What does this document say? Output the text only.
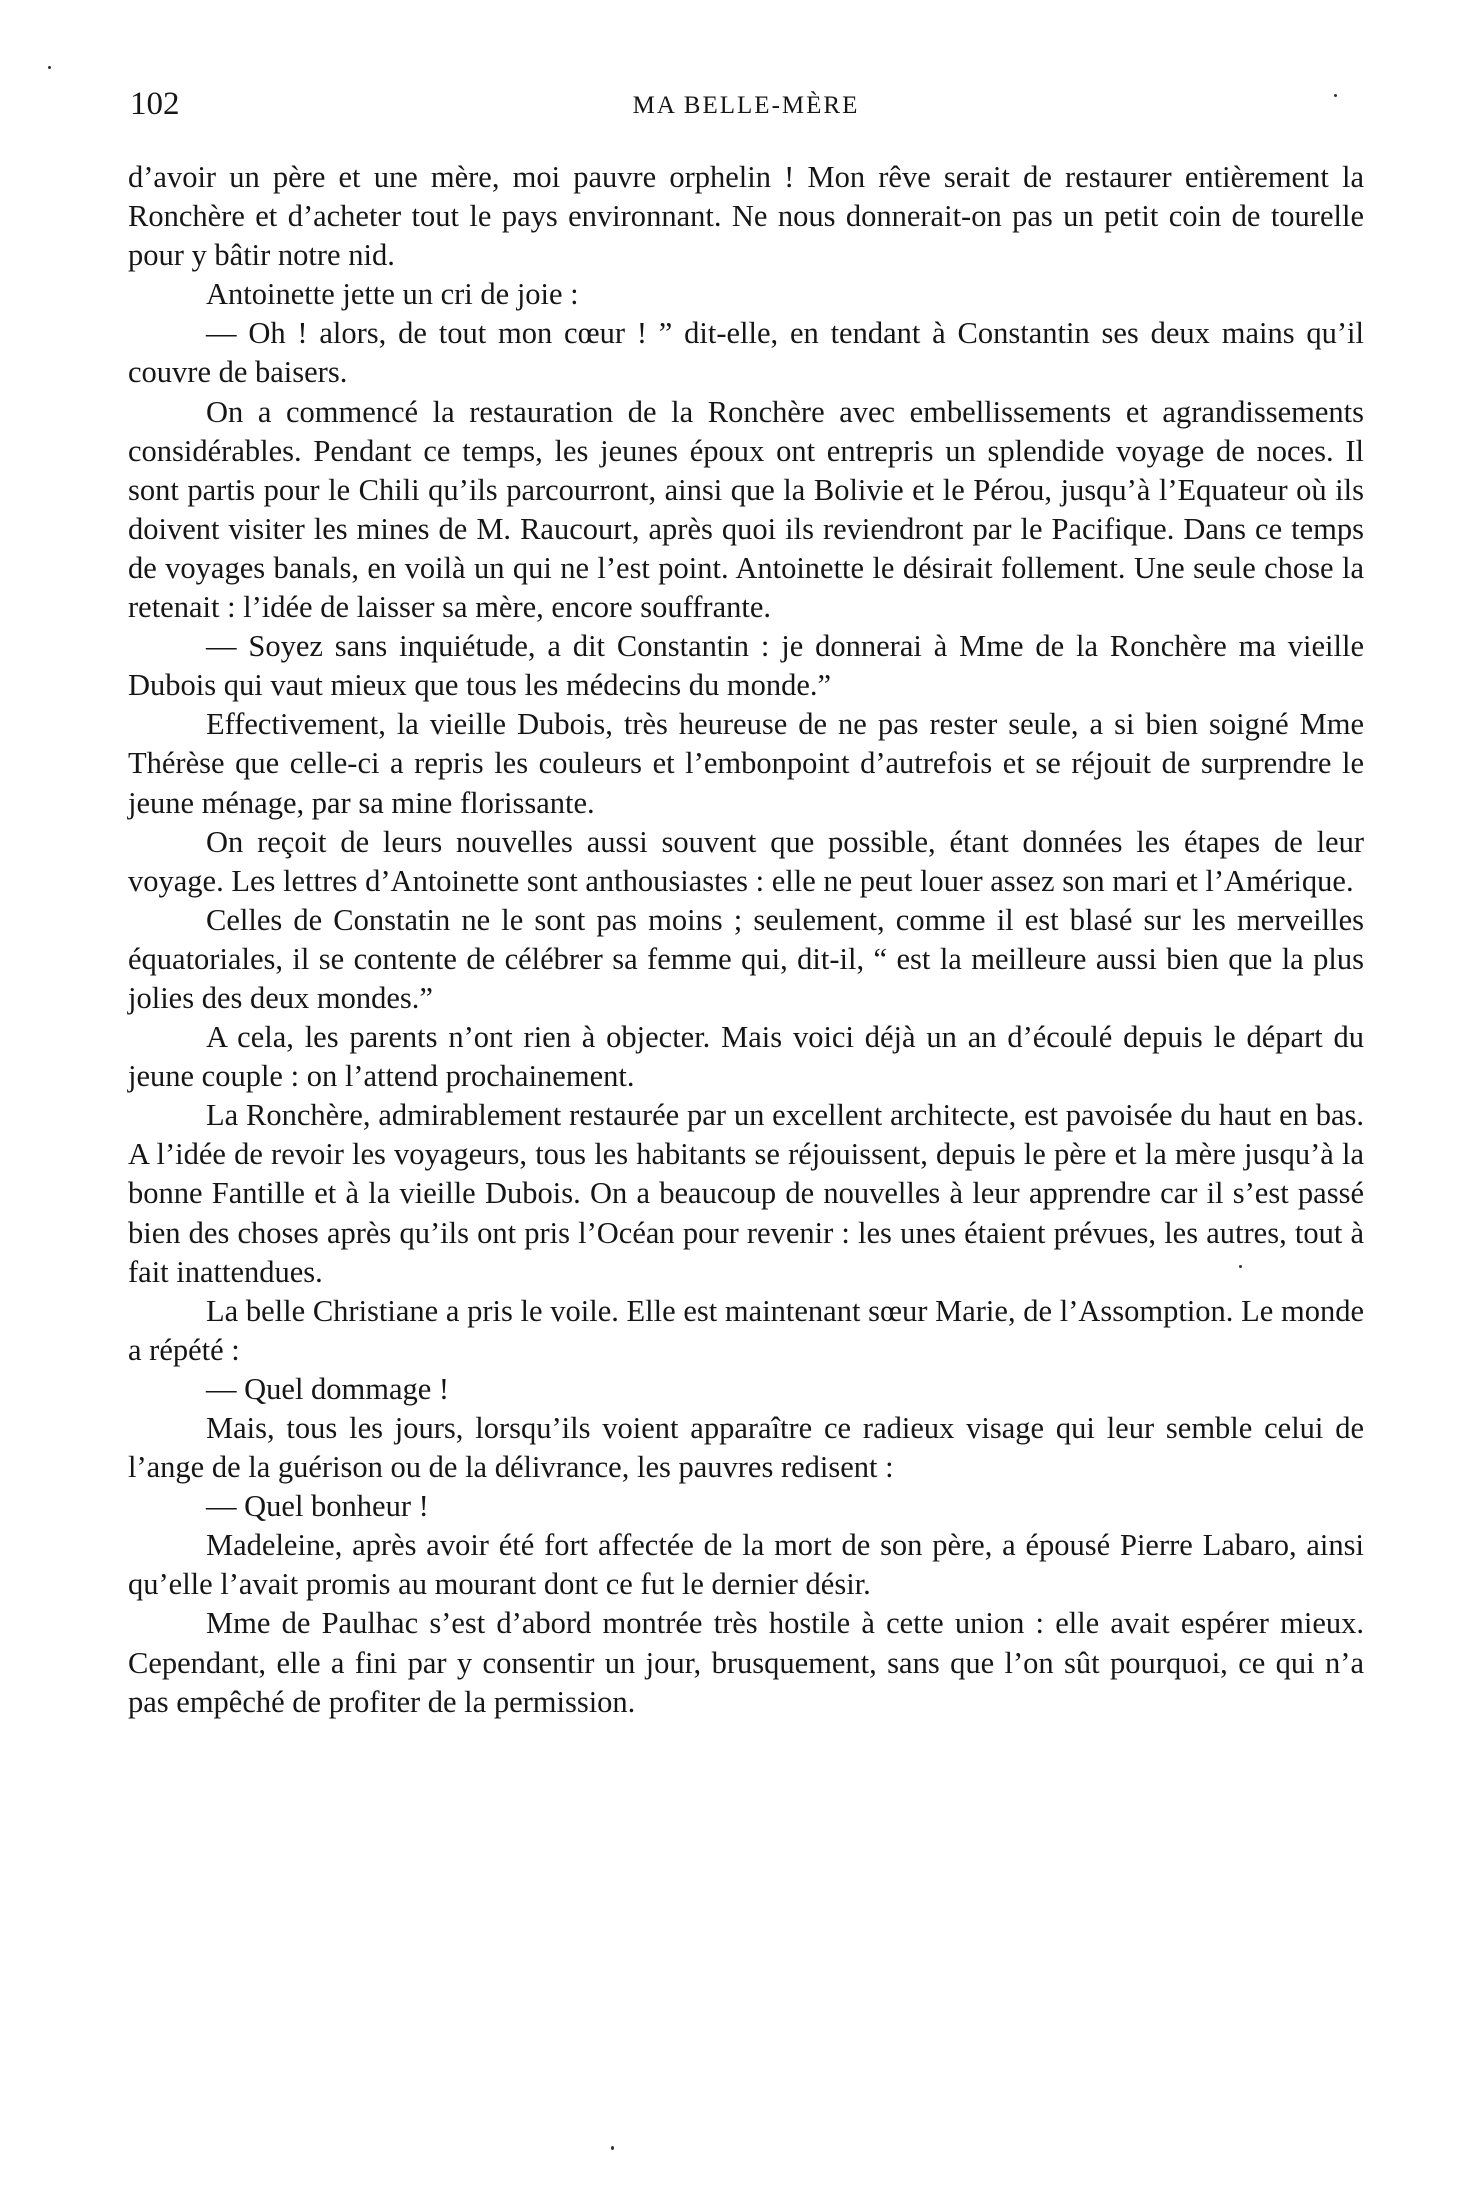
102	MA BELLE-MÈRE

d’avoir un père et une mère, moi pauvre orphelin ! Mon rêve serait de restaurer entièrement la Ronchère et d’acheter tout le pays environnant. Ne nous donnerait-on pas un petit coin de tourelle pour y bâtir notre nid.

Antoinette jette un cri de joie :

— Oh ! alors, de tout mon cœur ! ” dit-elle, en tendant à Constantin ses deux mains qu’il couvre de baisers.

On a commencé la restauration de la Ronchère avec embellissements et agrandissements considérables. Pendant ce temps, les jeunes époux ont entrepris un splendide voyage de noces. Il sont partis pour le Chili qu’ils parcourront, ainsi que la Bolivie et le Pérou, jusqu’à l’Equateur où ils doivent visiter les mines de M. Raucourt, après quoi ils reviendront par le Pacifique. Dans ce temps de voyages banals, en voilà un qui ne l’est point. Antoinette le désirait follement. Une seule chose la retenait : l’idée de laisser sa mère, encore souffrante.

— Soyez sans inquiétude, a dit Constantin : je donnerai à Mme de la Ronchère ma vieille Dubois qui vaut mieux que tous les médecins du monde.”

Effectivement, la vieille Dubois, très heureuse de ne pas rester seule, a si bien soigné Mme Thérèse que celle-ci a repris les couleurs et l’embonpoint d’autrefois et se réjouit de surprendre le jeune ménage, par sa mine florissante.

On reçoit de leurs nouvelles aussi souvent que possible, étant données les étapes de leur voyage. Les lettres d’Antoinette sont anthousiastes : elle ne peut louer assez son mari et l’Amérique.

Celles de Constatin ne le sont pas moins ; seulement, comme il est blasé sur les merveilles équatoriales, il se contente de célébrer sa femme qui, dit-il, “ est la meilleure aussi bien que la plus jolies des deux mondes.”

A cela, les parents n’ont rien à objecter. Mais voici déjà un an d’écoulé depuis le départ du jeune couple : on l’attend prochainement.

La Ronchère, admirablement restaurée par un excellent architecte, est pavoisée du haut en bas. A l’idée de revoir les voyageurs, tous les habitants se réjouissent, depuis le père et la mère jusqu’à la bonne Fantille et à la vieille Dubois. On a beaucoup de nouvelles à leur apprendre car il s’est passé bien des choses après qu’ils ont pris l’Océan pour revenir : les unes étaient prévues, les autres, tout à fait inattendues.

La belle Christiane a pris le voile. Elle est maintenant sœur Marie, de l’Assomption. Le monde a répété :

— Quel dommage !

Mais, tous les jours, lorsqu’ils voient apparaître ce radieux visage qui leur semble celui de l’ange de la guérison ou de la délivrance, les pauvres redisent :

— Quel bonheur !

Madeleine, après avoir été fort affectée de la mort de son père, a épousé Pierre Labaro, ainsi qu’elle l’avait promis au mourant dont ce fut le dernier désir.

Mme de Paulhac s’est d’abord montrée très hostile à cette union : elle avait espérer mieux. Cependant, elle a fini par y consentir un jour, brusquement, sans que l’on sût pourquoi, ce qui n’a pas empêché de profiter de la permission.
